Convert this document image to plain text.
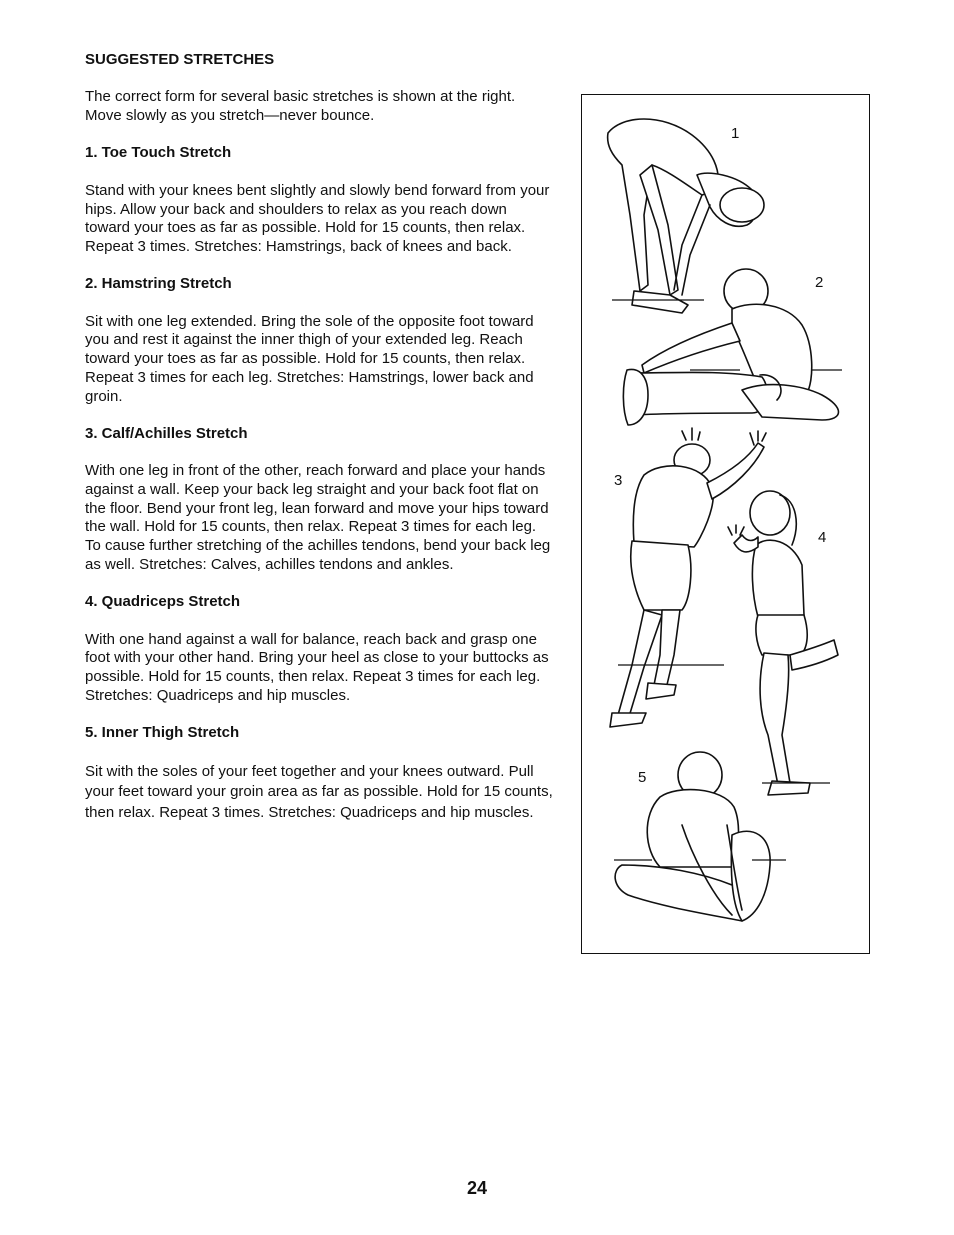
SUGGESTED STRETCHES

The correct form for several basic stretches is shown at the right. Move slowly as you stretch—never bounce.

1. Toe Touch Stretch

Stand with your knees bent slightly and slowly bend forward from your hips. Allow your back and shoulders to relax as you reach down toward your toes as far as possible. Hold for 15 counts, then relax. Repeat 3 times. Stretches: Hamstrings, back of knees and back.

2. Hamstring Stretch

Sit with one leg extended. Bring the sole of the opposite foot toward you and rest it against the inner thigh of your extended leg. Reach toward your toes as far as possible. Hold for 15 counts, then relax. Repeat 3 times for each leg. Stretches: Hamstrings, lower back and groin.

3. Calf/Achilles Stretch

With one leg in front of the other, reach forward and place your hands against a wall. Keep your back leg straight and your back foot flat on the floor. Bend your front leg, lean forward and move your hips toward the wall. Hold for 15 counts, then relax. Repeat 3 times for each leg. To cause further stretching of the achilles tendons, bend your back leg as well. Stretches: Calves, achilles tendons and ankles.

4. Quadriceps Stretch

With one hand against a wall for balance, reach back and grasp one foot with your other hand. Bring your heel as close to your buttocks as possible. Hold for 15 counts, then relax. Repeat 3 times for each leg. Stretches: Quadriceps and hip muscles.

5. Inner Thigh Stretch

Sit with the soles of your feet together and your knees outward. Pull your feet toward your groin area as far as possible. Hold for 15 counts, then relax. Repeat 3 times. Stretches: Quadriceps and hip muscles.

1
2
3
4
5
24
